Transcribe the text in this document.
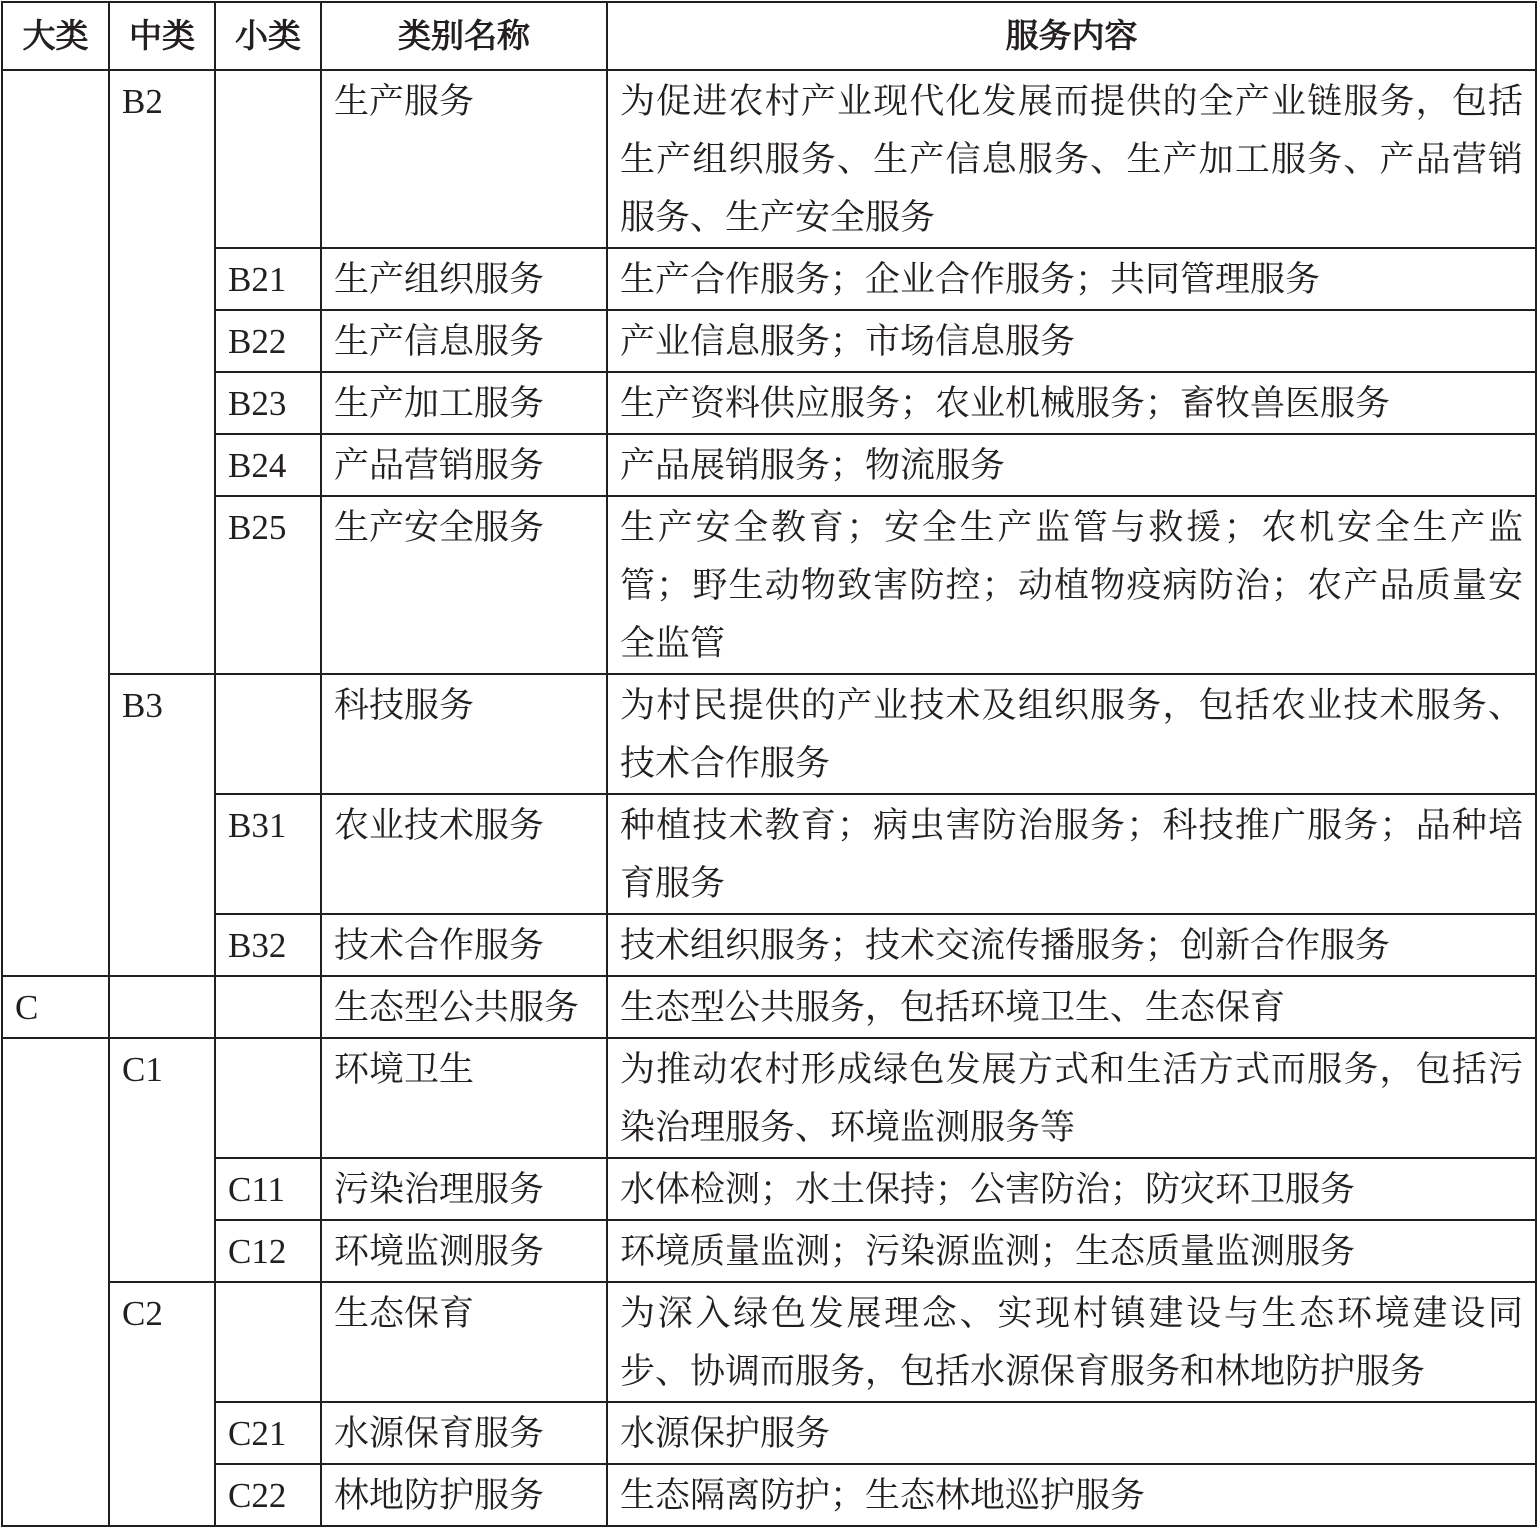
大类	中类	小类	类别名称	服务内容
	B2		生产服务	为促进农村产业现代化发展而提供的全产业链服务，包括生产组织服务、生产信息服务、生产加工服务、产品营销服务、生产安全服务
		B21	生产组织服务	生产合作服务；企业合作服务；共同管理服务
		B22	生产信息服务	产业信息服务；市场信息服务
		B23	生产加工服务	生产资料供应服务；农业机械服务；畜牧兽医服务
		B24	产品营销服务	产品展销服务；物流服务
		B25	生产安全服务	生产安全教育；安全生产监管与救援；农机安全生产监管；野生动物致害防控；动植物疫病防治；农产品质量安全监管
	B3		科技服务	为村民提供的产业技术及组织服务，包括农业技术服务、技术合作服务
		B31	农业技术服务	种植技术教育；病虫害防治服务；科技推广服务；品种培育服务
		B32	技术合作服务	技术组织服务；技术交流传播服务；创新合作服务
C			生态型公共服务	生态型公共服务，包括环境卫生、生态保育
	C1		环境卫生	为推动农村形成绿色发展方式和生活方式而服务，包括污染治理服务、环境监测服务等
		C11	污染治理服务	水体检测；水土保持；公害防治；防灾环卫服务
		C12	环境监测服务	环境质量监测；污染源监测；生态质量监测服务
	C2		生态保育	为深入绿色发展理念、实现村镇建设与生态环境建设同步、协调而服务，包括水源保育服务和林地防护服务
		C21	水源保育服务	水源保护服务
		C22	林地防护服务	生态隔离防护；生态林地巡护服务
